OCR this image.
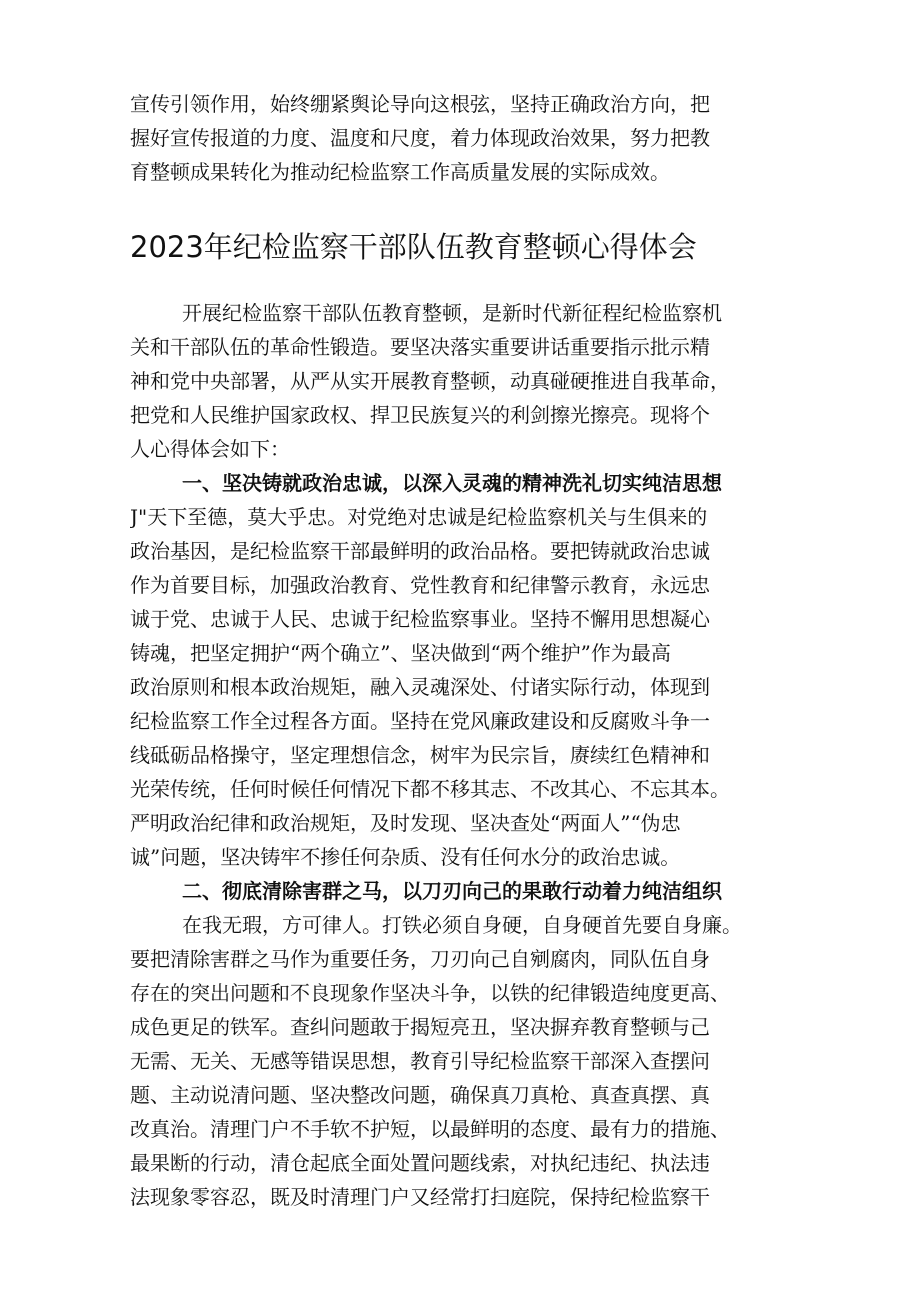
宣传引领作用，始终绷紧舆论导向这根弦，坚持正确政治方向，把
握好宣传报道的力度、温度和尺度，着力体现政治效果，努力把教
育整顿成果转化为推动纪检监察工作高质量发展的实际成效。
2023年纪检监察干部队伍教育整顿心得体会
开展纪检监察干部队伍教育整顿，是新时代新征程纪检监察机
关和干部队伍的革命性锻造。要坚决落实重要讲话重要指示批示精
神和党中央部署，从严从实开展教育整顿，动真碰硬推进自我革命，
把党和人民维护国家政权、捍卫民族复兴的利剑擦光擦亮。现将个
人心得体会如下：
一、坚决铸就政治忠诚，以深入灵魂的精神洗礼切实纯洁思想
J"天下至德，莫大乎忠。对党绝对忠诚是纪检监察机关与生俱来的
政治基因，是纪检监察干部最鲜明的政治品格。要把铸就政治忠诚
作为首要目标，加强政治教育、党性教育和纪律警示教育，永远忠
诚于党、忠诚于人民、忠诚于纪检监察事业。坚持不懈用思想凝心
铸魂，把坚定拥护“两个确立”、坚决做到“两个维护”作为最高
政治原则和根本政治规矩，融入灵魂深处、付诸实际行动，体现到
纪检监察工作全过程各方面。坚持在党风廉政建设和反腐败斗争一
线砥砺品格操守，坚定理想信念，树牢为民宗旨，赓续红色精神和
光荣传统，任何时候任何情况下都不移其志、不改其心、不忘其本。
严明政治纪律和政治规矩，及时发现、坚决查处“两面人”“伪忠
诚”问题，坚决铸牢不掺任何杂质、没有任何水分的政治忠诚。
二、彻底清除害群之马，以刀刃向己的果敢行动着力纯洁组织
在我无瑕，方可律人。打铁必须自身硬，自身硬首先要自身廉。
要把清除害群之马作为重要任务，刀刃向己自剜腐肉，同队伍自身
存在的突出问题和不良现象作坚决斗争，以铁的纪律锻造纯度更高、
成色更足的铁军。查纠问题敢于揭短亮丑，坚决摒弃教育整顿与己
无需、无关、无感等错误思想，教育引导纪检监察干部深入查摆问
题、主动说清问题、坚决整改问题，确保真刀真枪、真查真摆、真
改真治。清理门户不手软不护短，以最鲜明的态度、最有力的措施、
最果断的行动，清仓起底全面处置问题线索，对执纪违纪、执法违
法现象零容忍，既及时清理门户又经常打扫庭院，保持纪检监察干
